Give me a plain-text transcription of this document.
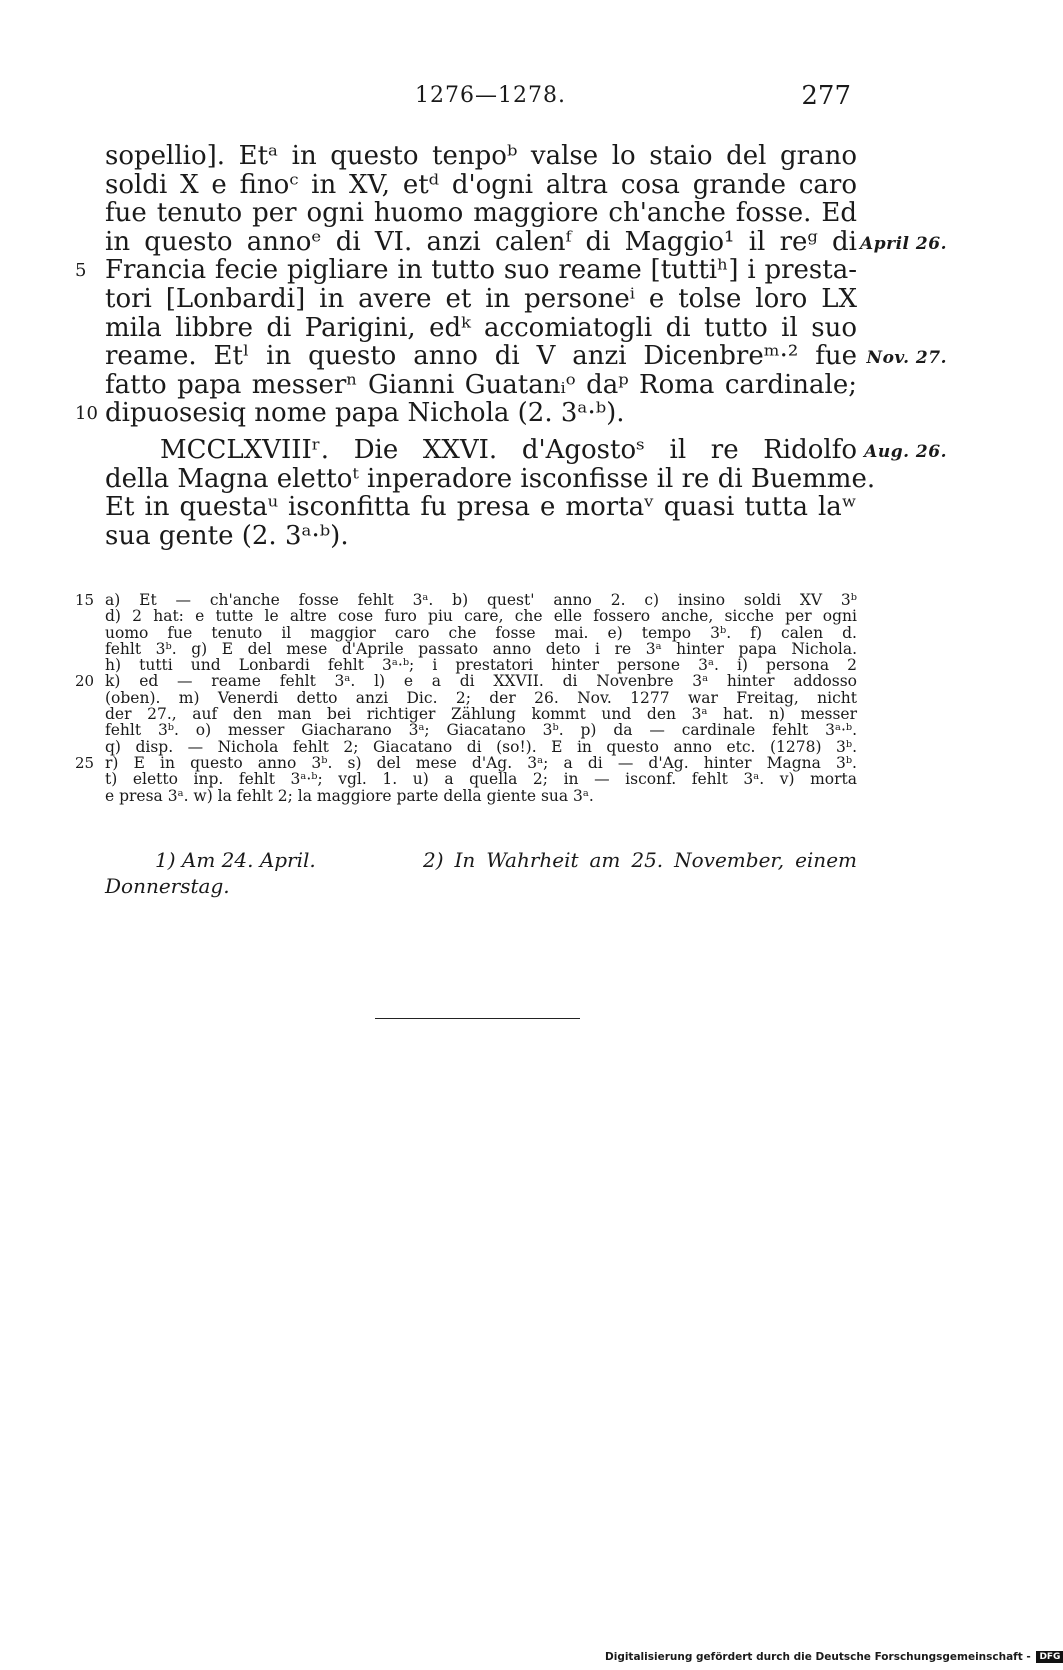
1276—1278.	277
sopellio]. Etᵃ in questo tenpoᵇ valse lo staio del grano
soldi X e finoᶜ in XV, etᵈ d'ogni altra cosa grande caro
fue tenuto per ogni huomo maggiore ch'anche fosse. Ed
in questo annoᵉ di VI. anzi calenᶠ di Maggio¹ il reᵍ di April 26.
Francia fecie pigliare in tutto suo reame [tuttiʰ] i presta-
5
tori [Lonbardi] in avere et in personeⁱ e tolse loro LX
mila libbre di Parigini, edᵏ accomiatogli di tutto il suo
reame. Etˡ in questo anno di V anzi Dicenbreᵐ·² fue Nov. 27.
fatto papa messerⁿ Gianni Guatanᵢᵒ daᵖ Roma cardinale;
dipuosesiq nome papa Nichola (2. 3ᵃ·ᵇ).
10
MCCLXVIIIʳ. Die XXVI. d'Agostoˢ il re Ridolfo Aug. 26.
della Magna elettoᵗ inperadore isconfisse il re di Buemme.
Et in questaᵘ isconfitta fu presa e mortaᵛ quasi tutta laʷ
sua gente (2. 3ᵃ·ᵇ).
a) Et — ch'anche fosse fehlt 3ᵃ. b) quest' anno 2. c) insino soldi XV 3ᵇ
15
d) 2 hat: e tutte le altre cose furo piu care, che elle fossero anche, sicche per ogni
uomo fue tenuto il maggior caro che fosse mai. e) tempo 3ᵇ. f) calen d.
fehlt 3ᵇ. g) E del mese d'Aprile passato anno deto i re 3ᵃ hinter papa Nichola.
h) tutti und Lonbardi fehlt 3ᵃ·ᵇ; i prestatori hinter persone 3ᵃ. i) persona 2
k) ed — reame fehlt 3ᵃ. l) e a di XXVII. di Novenbre 3ᵃ hinter addosso
20
(oben). m) Venerdi detto anzi Dic. 2; der 26. Nov. 1277 war Freitag, nicht
der 27., auf den man bei richtiger Zählung kommt und den 3ᵃ hat. n) messer
fehlt 3ᵇ. o) messer Giacharano 3ᵃ; Giacatano 3ᵇ. p) da — cardinale fehlt 3ᵃ·ᵇ.
q) disp. — Nichola fehlt 2; Giacatano di (so!). E in questo anno etc. (1278) 3ᵇ.
r) E in questo anno 3ᵇ. s) del mese d'Ag. 3ᵃ; a di — d'Ag. hinter Magna 3ᵇ.
25
t) eletto inp. fehlt 3ᵃ·ᵇ; vgl. 1. u) a quella 2; in — isconf. fehlt 3ᵃ. v) morta
e presa 3ᵃ. w) la fehlt 2; la maggiore parte della giente sua 3ᵃ.
1) Am 24. April.	2) In Wahrheit am 25. November, einem
Donnerstag.
Digitalisierung gefördert durch die Deutsche Forschungsgemeinschaft - DFG
